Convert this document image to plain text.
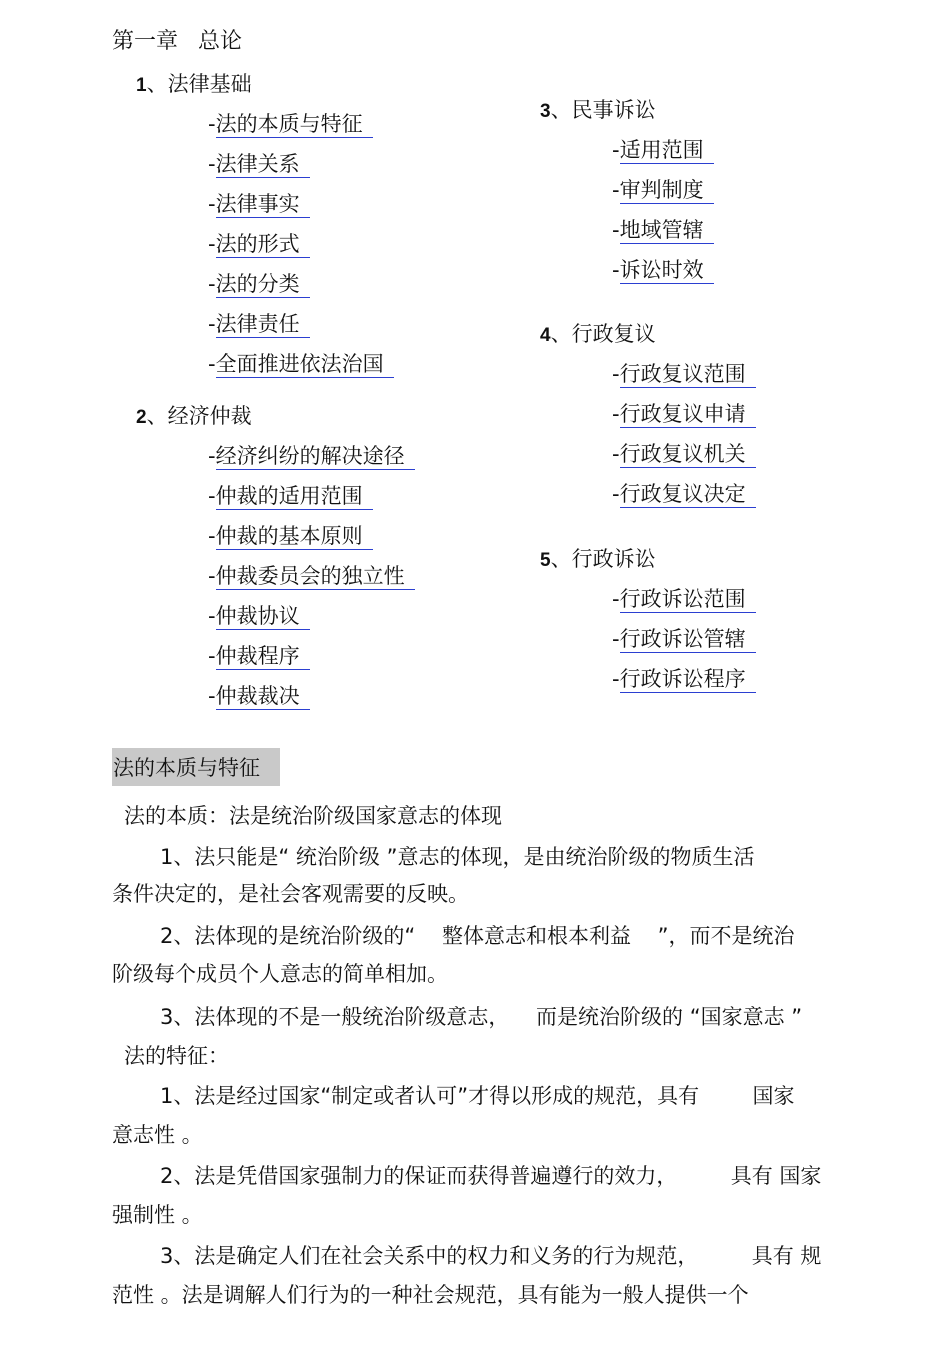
第一章 总论
1、法律基础
-法的本质与特征
-法律关系
-法律事实
-法的形式
-法的分类
-法律责任
-全面推进依法治国
2、经济仲裁
-经济纠纷的解决途径
-仲裁的适用范围
-仲裁的基本原则
-仲裁委员会的独立性
-仲裁协议
-仲裁程序
-仲裁裁决
3、民事诉讼
-适用范围
-审判制度
-地域管辖
-诉讼时效
4、行政复议
-行政复议范围
-行政复议申请
-行政复议机关
-行政复议决定
5、行政诉讼
-行政诉讼范围
-行政诉讼管辖
-行政诉讼程序
法的本质与特征
法的本质：法是统治阶级国家意志的体现
1、法只能是“ 统治阶级 ”意志的体现，是由统治阶级的物质生活
条件决定的，是社会客观需要的反映。
2、法体现的是统治阶级的“    整体意志和根本利益    ”，而不是统治
阶级每个成员个人意志的简单相加。
3、法体现的不是一般统治阶级意志，    而是统治阶级的 “国家意志 ”
法的特征：
1、法是经过国家“制定或者认可”才得以形成的规范，具有        国家
意志性 。
2、法是凭借国家强制力的保证而获得普遍遵行的效力，        具有 国家
强制性 。
3、法是确定人们在社会关系中的权力和义务的行为规范，        具有 规
范性 。法是调解人们行为的一种社会规范，具有能为一般人提供一个
